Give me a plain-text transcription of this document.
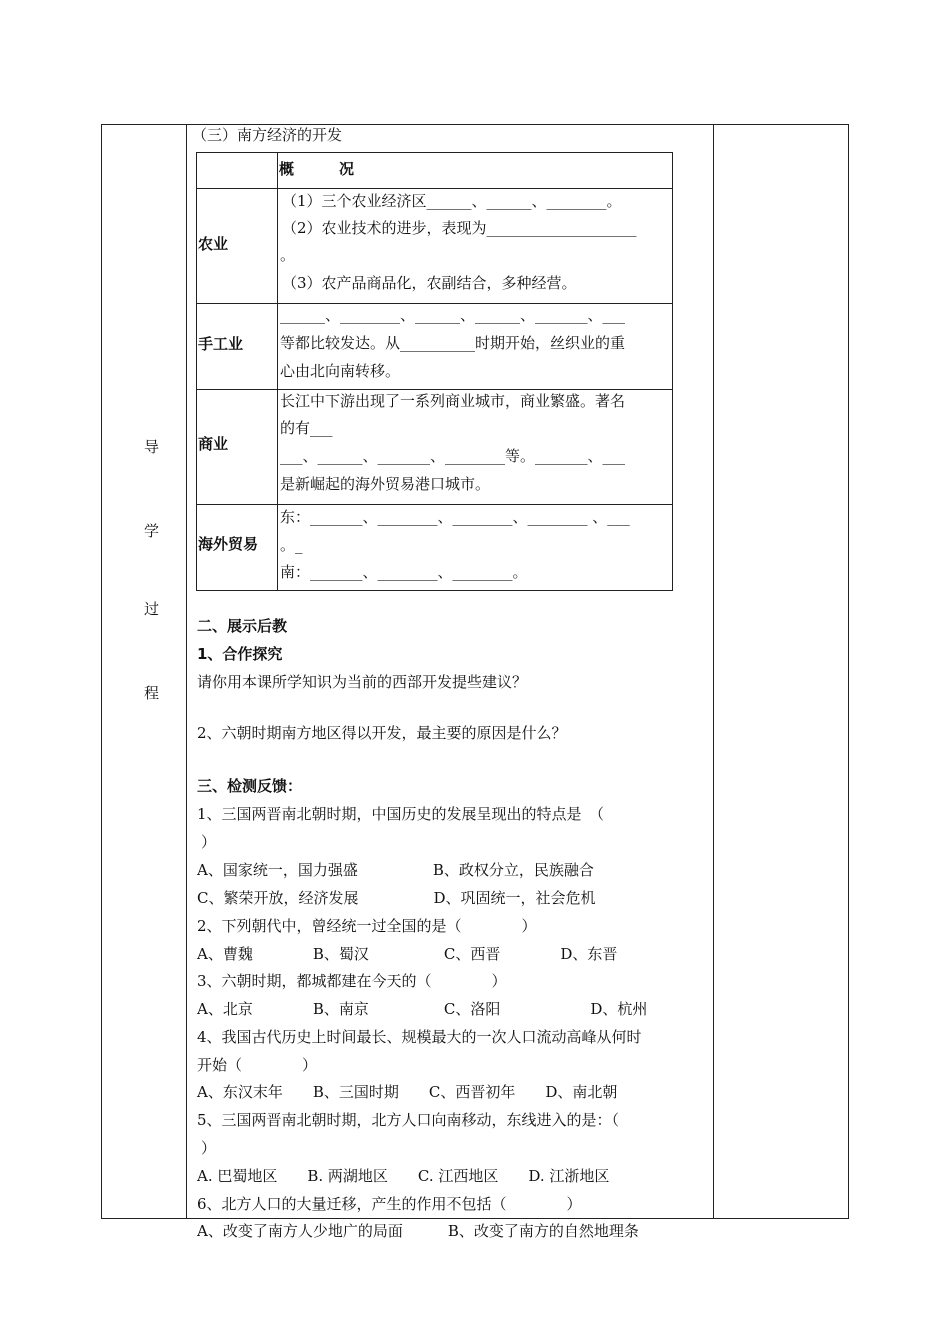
导
学
过
程
（三）南方经济的开发
概　　　况
农业
手工业
商业
海外贸易
（1）三个农业经济区______、______、________。
（2）农业技术的进步，表现为____________________
。
（3）农产品商品化，农副结合，多种经营。
______、________、______、______、_______、___
等都比较发达。从__________时期开始，丝织业的重
心由北向南转移。
长江中下游出现了一系列商业城市，商业繁盛。著名
的有___
___、______、_______、________等。_______、___
是新崛起的海外贸易港口城市。
东：_______、________、________、________ 、___
。_
南：_______、________、________。
二、展示后教
1、合作探究
请你用本课所学知识为当前的西部开发提些建议？
2、六朝时期南方地区得以开发，最主要的原因是什么？
三、检测反馈：
1、三国两晋南北朝时期，中国历史的发展呈现出的特点是　（
）
A、国家统一，国力强盛　　　　　B、政权分立，民族融合
C、繁荣开放，经济发展　　　　　D、巩固统一，社会危机
2、下列朝代中，曾经统一过全国的是（　　　　）
A、曹魏　　　　B、蜀汉　　　　　C、西晋　　　　D、东晋
3、六朝时期，都城都建在今天的（　　　　）
A、北京　　　　B、南京　　　　　C、洛阳　　　　　　D、杭州
4、我国古代历史上时间最长、规模最大的一次人口流动高峰从何时
开始（　　　　）
A、东汉末年　　B、三国时期　　C、西晋初年　　D、南北朝
5、三国两晋南北朝时期，北方人口向南移动，东线进入的是：（
）
A. 巴蜀地区　　B. 两湖地区　　C. 江西地区　　D. 江浙地区
6、北方人口的大量迁移，产生的作用不包括（　　　　）
A、改变了南方人少地广的局面　　　B、改变了南方的自然地理条
